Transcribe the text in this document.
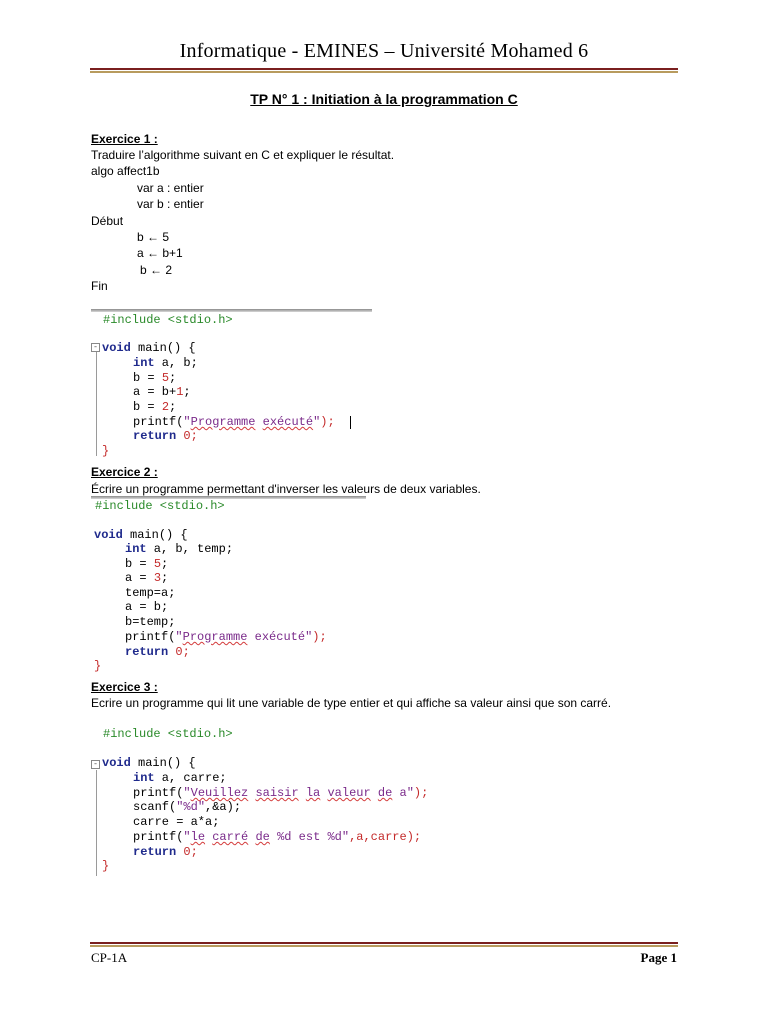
Informatique - EMINES – Université Mohamed 6
TP N° 1 : Initiation à la programmation C
Exercice 1 :
Traduire l’algorithme suivant en C et expliquer le résultat.
algo affect1b
var a : entier
var b : entier
Début
b ← 5
a ← b+1
b ← 2
Fin
-
#include <stdio.h>
void main() {
int a, b;
b = 5;
a = b+1;
b = 2;
printf("Programme exécuté");
return 0;
}
Exercice 2 :
Écrire un programme permettant d'inverser les valeurs de deux variables.
#include <stdio.h>
void main() {
int a, b, temp;
b = 5;
a = 3;
temp=a;
a = b;
b=temp;
printf("Programme exécuté");
return 0;
}
Exercice 3 :
Ecrire un programme qui lit une variable de type entier et qui affiche sa valeur ainsi que son carré.
-
#include <stdio.h>
void main() {
int a, carre;
printf("Veuillez saisir la valeur de a");
scanf("%d",&a);
carre = a*a;
printf("le carré de %d est %d",a,carre);
return 0;
}
CP-1A	Page 1
